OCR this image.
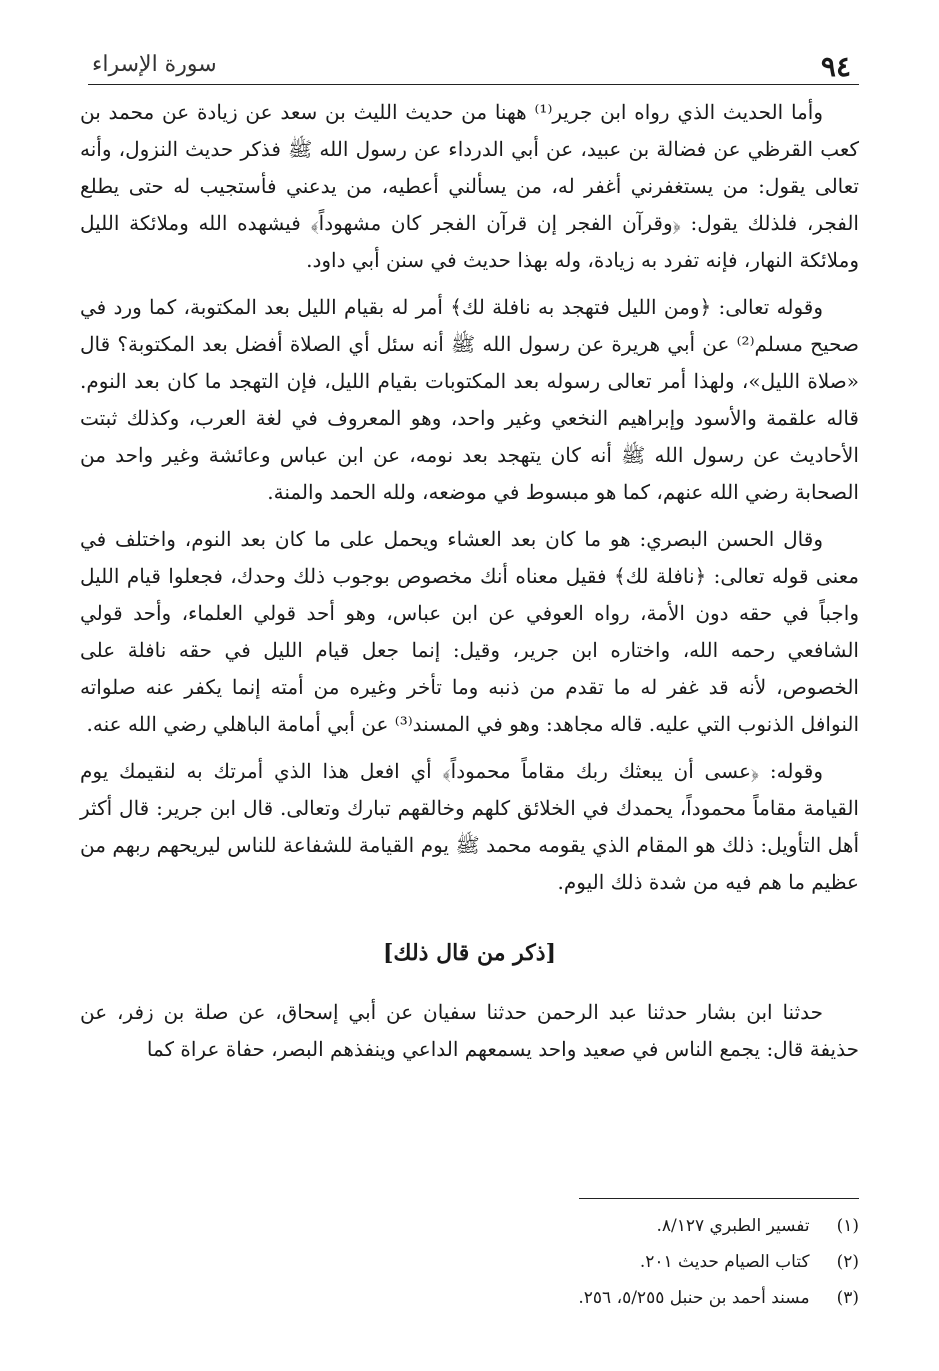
٩٤
سورة الإسراء

وأما الحديث الذي رواه ابن جرير⁽¹⁾ ههنا من حديث الليث بن سعد عن زيادة عن محمد بن كعب القرظي عن فضالة بن عبيد، عن أبي الدرداء عن رسول الله ﷺ فذكر حديث النزول، وأنه تعالى يقول: من يستغفرني أغفر له، من يسألني أعطيه، من يدعني فأستجيب له حتى يطلع الفجر، فلذلك يقول: ﴿وقرآن الفجر إن قرآن الفجر كان مشهوداً﴾ فيشهده الله وملائكة الليل وملائكة النهار، فإنه تفرد به زيادة، وله بهذا حديث في سنن أبي داود.

وقوله تعالى: ﴿ومن الليل فتهجد به نافلة لك﴾ أمر له بقيام الليل بعد المكتوبة، كما ورد في صحيح مسلم⁽²⁾ عن أبي هريرة عن رسول الله ﷺ أنه سئل أي الصلاة أفضل بعد المكتوبة؟ قال «صلاة الليل»، ولهذا أمر تعالى رسوله بعد المكتوبات بقيام الليل، فإن التهجد ما كان بعد النوم. قاله علقمة والأسود وإبراهيم النخعي وغير واحد، وهو المعروف في لغة العرب، وكذلك ثبتت الأحاديث عن رسول الله ﷺ أنه كان يتهجد بعد نومه، عن ابن عباس وعائشة وغير واحد من الصحابة رضي الله عنهم، كما هو مبسوط في موضعه، ولله الحمد والمنة.

وقال الحسن البصري: هو ما كان بعد العشاء ويحمل على ما كان بعد النوم، واختلف في معنى قوله تعالى: ﴿نافلة لك﴾ فقيل معناه أنك مخصوص بوجوب ذلك وحدك، فجعلوا قيام الليل واجباً في حقه دون الأمة، رواه العوفي عن ابن عباس، وهو أحد قولي العلماء، وأحد قولي الشافعي رحمه الله، واختاره ابن جرير، وقيل: إنما جعل قيام الليل في حقه نافلة على الخصوص، لأنه قد غفر له ما تقدم من ذنبه وما تأخر وغيره من أمته إنما يكفر عنه صلواته النوافل الذنوب التي عليه. قاله مجاهد: وهو في المسند⁽³⁾ عن أبي أمامة الباهلي رضي الله عنه.

وقوله: ﴿عسى أن يبعثك ربك مقاماً محموداً﴾ أي افعل هذا الذي أمرتك به لنقيمك يوم القيامة مقاماً محموداً، يحمدك في الخلائق كلهم وخالقهم تبارك وتعالى. قال ابن جرير: قال أكثر أهل التأويل: ذلك هو المقام الذي يقومه محمد ﷺ يوم القيامة للشفاعة للناس ليريحهم ربهم من عظيم ما هم فيه من شدة ذلك اليوم.

[ذكر من قال ذلك]

حدثنا ابن بشار حدثنا عبد الرحمن حدثنا سفيان عن أبي إسحاق، عن صلة بن زفر، عن حذيفة قال: يجمع الناس في صعيد واحد يسمعهم الداعي وينفذهم البصر، حفاة عراة كما

(١) تفسير الطبري ٨/١٢٧.

(٢) كتاب الصيام حديث ٢٠١.

(٣) مسند أحمد بن حنبل ٥/٢٥٥، ٢٥٦.
